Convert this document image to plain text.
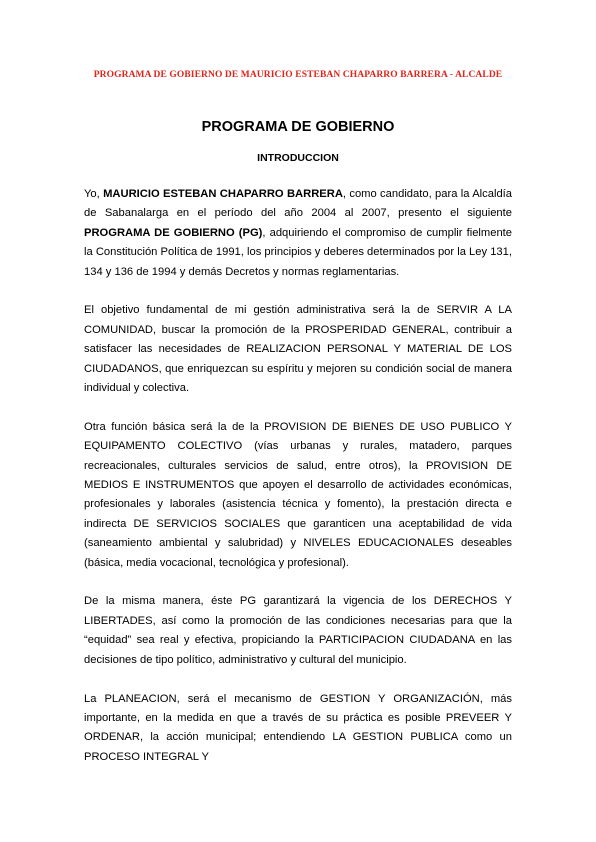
PROGRAMA DE GOBIERNO DE MAURICIO ESTEBAN CHAPARRO BARRERA - ALCALDE
PROGRAMA DE GOBIERNO
INTRODUCCION

Yo, MAURICIO ESTEBAN CHAPARRO BARRERA, como candidato, para la Alcaldía de Sabanalarga en el período del año 2004 al 2007, presento el siguiente PROGRAMA DE GOBIERNO (PG), adquiriendo el compromiso de cumplir fielmente la Constitución Política de 1991, los principios y deberes determinados por la Ley 131, 134 y 136 de 1994 y demás Decretos y normas reglamentarias.

El objetivo fundamental de mi gestión administrativa será la de SERVIR A LA COMUNIDAD, buscar la promoción de la PROSPERIDAD GENERAL, contribuir a satisfacer las necesidades de REALIZACION PERSONAL Y MATERIAL DE LOS CIUDADANOS, que enriquezcan su espíritu y mejoren su condición social de manera individual y colectiva.

Otra función básica será la de la PROVISION DE BIENES DE USO PUBLICO Y EQUIPAMENTO COLECTIVO (vías urbanas y rurales, matadero, parques recreacionales, culturales servicios de salud, entre otros), la PROVISION DE MEDIOS E INSTRUMENTOS que apoyen el desarrollo de actividades económicas, profesionales y laborales (asistencia técnica y fomento), la prestación directa e indirecta DE SERVICIOS SOCIALES que garanticen una aceptabilidad de vida (saneamiento ambiental y salubridad) y NIVELES EDUCACIONALES deseables (básica, media vocacional, tecnológica y profesional).

De la misma manera, éste PG garantizará la vigencia de los DERECHOS Y LIBERTADES, así como la promoción de las condiciones necesarias para que la “equidad” sea real y efectiva, propiciando la PARTICIPACION CIUDADANA en las decisiones de tipo político, administrativo y cultural del municipio.

La PLANEACION, será el mecanismo de GESTION Y ORGANIZACIÓN, más importante, en la medida en que a través de su práctica es posible PREVEER Y ORDENAR, la acción municipal; entendiendo LA GESTION PUBLICA como un PROCESO INTEGRAL Y
